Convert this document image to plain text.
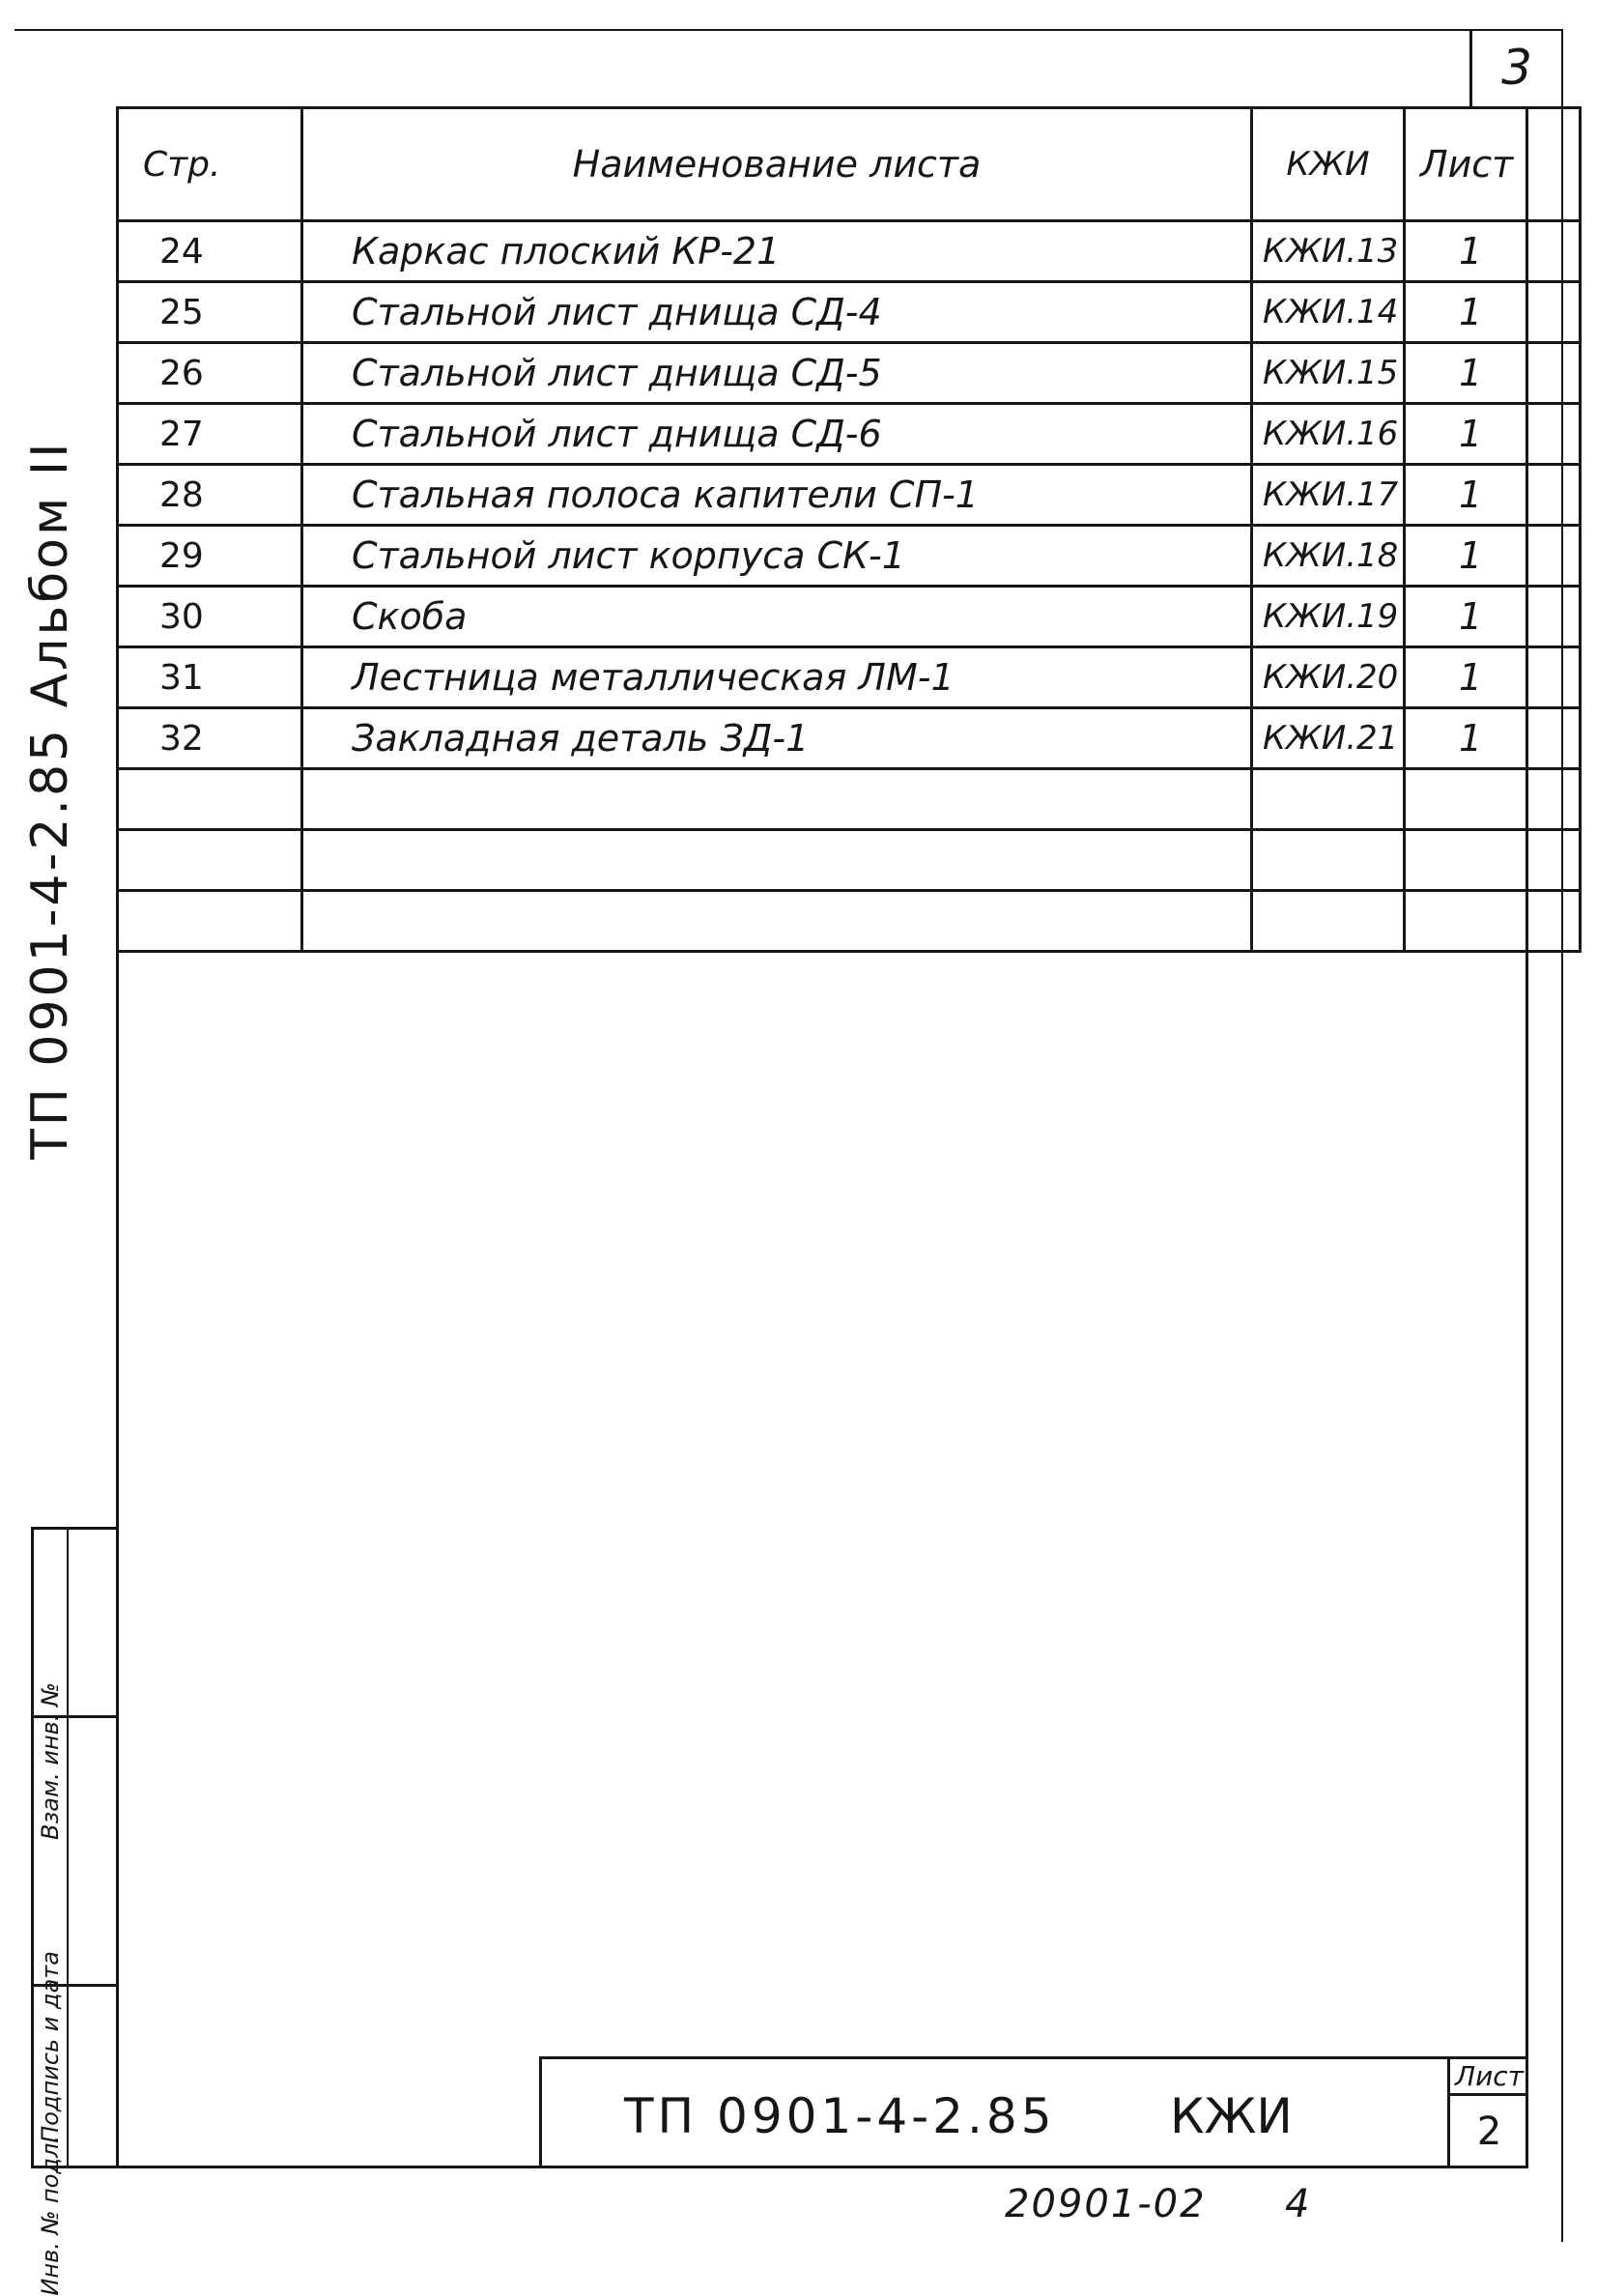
3
Стр.	Наименование листа	КЖИ	Лист
24	Каркас плоский КР-21	КЖИ.13	1
25	Стальной лист днища СД-4	КЖИ.14	1
26	Стальной лист днища СД-5	КЖИ.15	1
27	Стальной лист днища СД-6	КЖИ.16	1
28	Стальная полоса капители СП-1	КЖИ.17	1
29	Стальной лист корпуса СК-1	КЖИ.18	1
30	Скоба	КЖИ.19	1
31	Лестница металлическая ЛМ-1	КЖИ.20	1
32	Закладная деталь ЗД-1	КЖИ.21	1

ТП 0901-4-2.85 Альбом II
Взам. инв. №
Подпись и дата
Инв. № подл.
ТП 0901-4-2.85 КЖИ
Лист
2
20901-02 4
